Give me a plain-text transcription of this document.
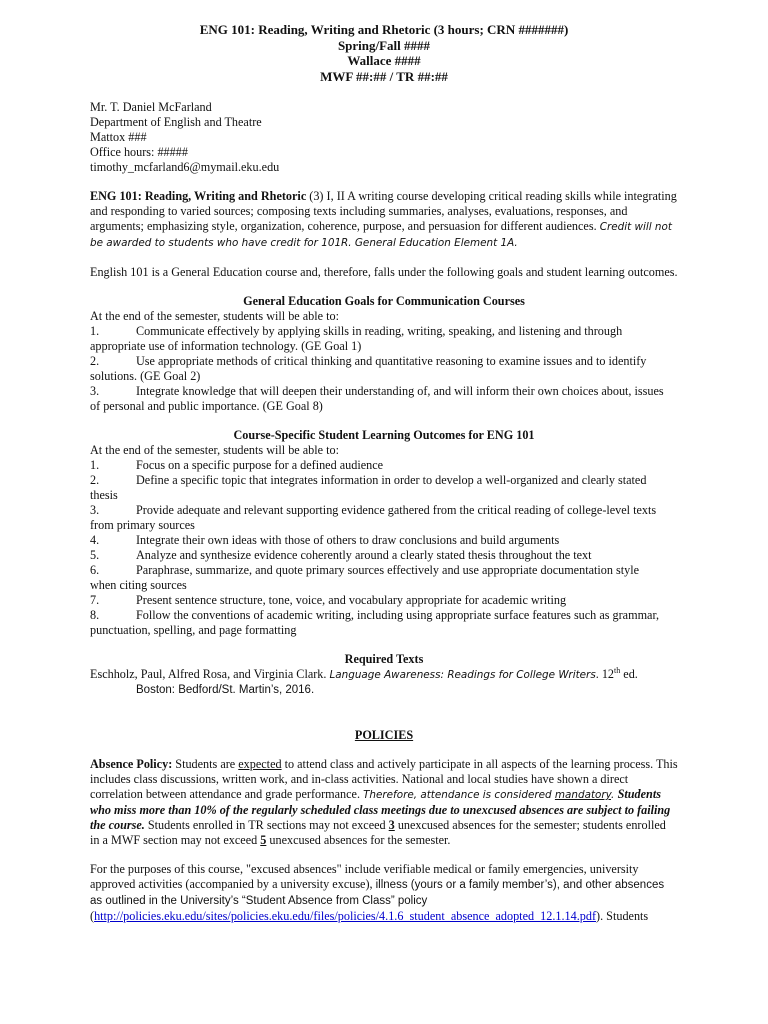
ENG 101: Reading, Writing and Rhetoric (3 hours; CRN #######)
Spring/Fall ####
Wallace ####
MWF ##:## / TR ##:##
Mr. T. Daniel McFarland
Department of English and Theatre
Mattox ###
Office hours: #####
timothy_mcfarland6@mymail.eku.edu

ENG 101: Reading, Writing and Rhetoric (3) I, II A writing course developing critical reading skills while integrating and responding to varied sources; composing texts including summaries, analyses, evaluations, responses, and arguments; emphasizing style, organization, coherence, purpose, and persuasion for different audiences. Credit will not be awarded to students who have credit for 101R. General Education Element 1A.

English 101 is a General Education course and, therefore, falls under the following goals and student learning outcomes.

General Education Goals for Communication Courses
At the end of the semester, students will be able to:
1.	Communicate effectively by applying skills in reading, writing, speaking, and listening and through
appropriate use of information technology. (GE Goal 1)
2.	Use appropriate methods of critical thinking and quantitative reasoning to examine issues and to identify
solutions. (GE Goal 2)
3.	Integrate knowledge that will deepen their understanding of, and will inform their own choices about, issues
of personal and public importance. (GE Goal 8)
Course-Specific Student Learning Outcomes for ENG 101
At the end of the semester, students will be able to:
1.	Focus on a specific purpose for a defined audience
2.	Define a specific topic that integrates information in order to develop a well-organized and clearly stated
thesis
3.	Provide adequate and relevant supporting evidence gathered from the critical reading of college-level texts
from primary sources
4.	Integrate their own ideas with those of others to draw conclusions and build arguments
5.	Analyze and synthesize evidence coherently around a clearly stated thesis throughout the text
6.	Paraphrase, summarize, and quote primary sources effectively and use appropriate documentation style
when citing sources
7.	Present sentence structure, tone, voice, and vocabulary appropriate for academic writing
8.	Follow the conventions of academic writing, including using appropriate surface features such as grammar,
punctuation, spelling, and page formatting
Required Texts
Eschholz, Paul, Alfred Rosa, and Virginia Clark. Language Awareness: Readings for College Writers. 12th ed.
Boston: Bedford/St. Martin’s, 2016.
POLICIES

Absence Policy: Students are expected to attend class and actively participate in all aspects of the learning process. This includes class discussions, written work, and in-class activities. National and local studies have shown a direct correlation between attendance and grade performance. Therefore, attendance is considered mandatory. Students who miss more than 10% of the regularly scheduled class meetings due to unexcused absences are subject to failing the course. Students enrolled in TR sections may not exceed 3 unexcused absences for the semester; students enrolled in a MWF section may not exceed 5 unexcused absences for the semester.

For the purposes of this course, "excused absences" include verifiable medical or family emergencies, university approved activities (accompanied by a university excuse), illness (yours or a family member’s), and other absences as outlined in the University’s “Student Absence from Class” policy
(http://policies.eku.edu/sites/policies.eku.edu/files/policies/4.1.6_student_absence_adopted_12.1.14.pdf). Students
